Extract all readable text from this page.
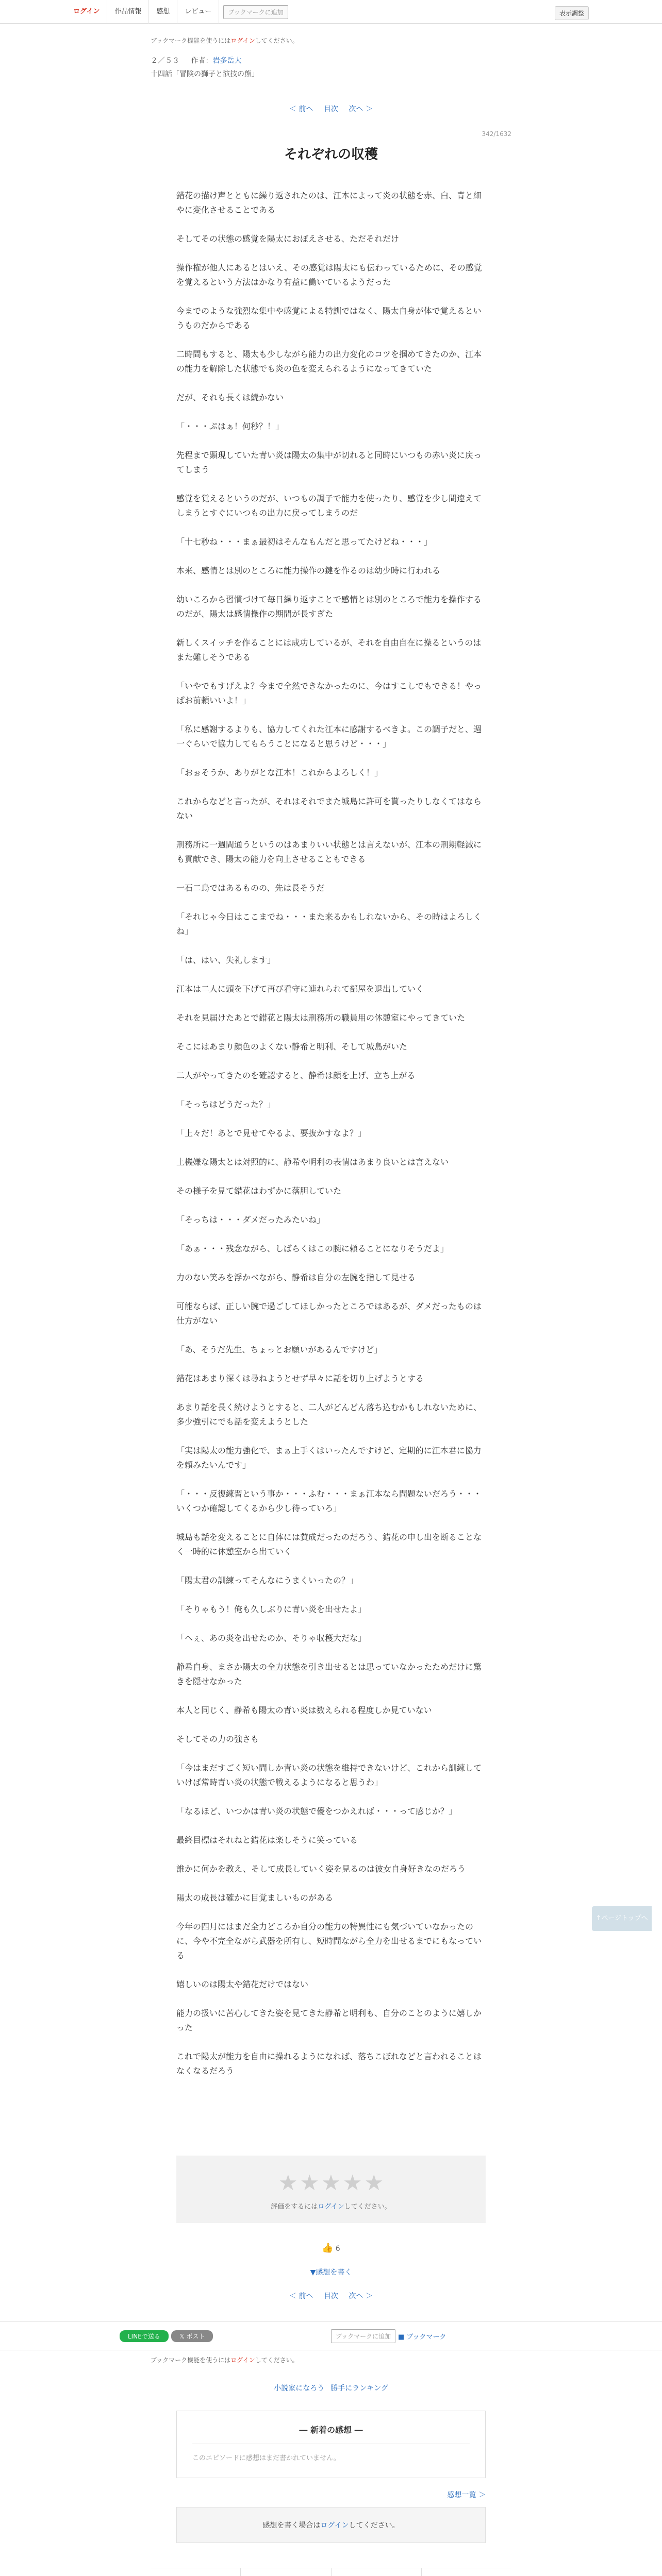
ログイン	作品情報	感想	レビュー	ブックマークに追加	表示調整
ブックマーク機能を使うにはログインしてください。
２／５３ 作者：岩多岳大
十四話「冒険の獅子と演技の熊」
＜ 前へ 目次 次へ ＞
342/1632
それぞれの収穫

錯花の描け声とともに繰り返されたのは、江本によって炎の状態を赤、白、青と細やに変化させることである

そしてその状態の感覚を陽太におぼえさせる、ただそれだけ

操作権が他人にあるとはいえ、その感覚は陽太にも伝わっているために、その感覚を覚えるという方法はかなり有益に働いているようだった

今までのような強烈な集中や感覚による特訓ではなく、陽太自身が体で覚えるというものだからである

二時間もすると、陽太も少しながら能力の出力変化のコツを掴めてきたのか、江本の能力を解除した状態でも炎の色を変えられるようになってきていた

だが、それも長くは続かない

「・・・ぷはぁ！何秒？！」

先程まで顕現していた青い炎は陽太の集中が切れると同時にいつもの赤い炎に戻ってしまう

感覚を覚えるというのだが、いつもの調子で能力を使ったり、感覚を少し間違えてしまうとすぐにいつもの出力に戻ってしまうのだ

「十七秒ね・・・まぁ最初はそんなもんだと思ってたけどね・・・」

本来、感情とは別のところに能力操作の鍵を作るのは幼少時に行われる

幼いころから習慣づけて毎日繰り返すことで感情とは別のところで能力を操作するのだが、陽太は感情操作の期間が長すぎた

新しくスイッチを作ることには成功しているが、それを自由自在に操るというのはまた難しそうである

「いやでもすげえよ？今まで全然できなかったのに、今はすこしでもできる！やっぱお前頼いいよ！」

「私に感謝するよりも、協力してくれた江本に感謝するべきよ。この調子だと、週一ぐらいで協力してもらうことになると思うけど・・・」

「おぉそうか、ありがとな江本！これからよろしく！」

これからなどと言ったが、それはそれでまた城島に許可を貰ったりしなくてはならない

刑務所に一週間通うというのはあまりいい状態とは言えないが、江本の刑期軽減にも貢献でき、陽太の能力を向上させることもできる

一石二鳥ではあるものの、先は長そうだ

「それじゃ今日はここまでね・・・また来るかもしれないから、その時はよろしくね」

「は、はい、失礼します」

江本は二人に頭を下げて再び看守に連れられて部屋を退出していく

それを見届けたあとで錯花と陽太は刑務所の職員用の休憩室にやってきていた

そこにはあまり顔色のよくない静希と明利、そして城島がいた

二人がやってきたのを確認すると、静希は顔を上げ、立ち上がる

「そっちはどうだった？」

「上々だ！あとで見せてやるよ、要抜かすなよ？」

上機嫌な陽太とは対照的に、静希や明利の表情はあまり良いとは言えない

その様子を見て錯花はわずかに落胆していた

「そっちは・・・ダメだったみたいね」

「あぁ・・・残念ながら、しばらくはこの腕に頼ることになりそうだよ」

力のない笑みを浮かべながら、静希は自分の左腕を指して見せる

可能ならば、正しい腕で過ごしてほしかったところではあるが、ダメだったものは仕方がない

「あ、そうだ先生、ちょっとお願いがあるんですけど」

錯花はあまり深くは尋ねようとせず早々に話を切り上げようとする

あまり話を長く続けようとすると、二人がどんどん落ち込むかもしれないために、多少強引にでも話を変えようとした

「実は陽太の能力強化で、まぁ上手くはいったんですけど、定期的に江本君に協力を頼みたいんです」

「・・・反復練習という事か・・・ふむ・・・まぁ江本なら問題ないだろう・・・いくつか確認してくるから少し待っていろ」

城島も話を変えることに自体には賛成だったのだろう、錯花の申し出を断ることなく一時的に休憩室から出ていく

「陽太君の訓練ってそんなにうまくいったの？」

「そりゃもう！俺も久しぶりに青い炎を出せたよ」

「へぇ、あの炎を出せたのか、そりゃ収穫大だな」

静希自身、まさか陽太の全力状態を引き出せるとは思っていなかったためだけに驚きを隠せなかった

本人と同じく、静希も陽太の青い炎は数えられる程度しか見ていない

そしてその力の強さも

「今はまだすごく短い間しか青い炎の状態を維持できないけど、これから訓練していけば常時青い炎の状態で戦えるようになると思うわ」

「なるほど、いつかは青い炎の状態で優をつかえれば・・・って感じか？」

最終目標はそれねと錯花は楽しそうに笑っている

誰かに何かを教え、そして成長していく姿を見るのは彼女自身好きなのだろう

陽太の成長は確かに目覚ましいものがある

今年の四月にはまだ全力どころか自分の能力の特異性にも気づいていなかったのに、今や不完全ながら武器を所有し、短時間ながら全力を出せるまでにもなっている

嬉しいのは陽太や錯花だけではない

能力の扱いに苦心してきた姿を見てきた静希と明利も、自分のことのように嬉しかった

これで陽太が能力を自由に操れるようになれば、落ちこぼれなどと言われることはなくなるだろう

★★★★★
評価をするにはログインしてください。
👍 6
▼感想を書く
＜ 前へ 目次 次へ ＞
LINEで送る	𝕏 ポスト	ブックマークに追加	■ ブックマーク
ブックマーク機能を使うにはログインしてください。
小説家になろう 勝手にランキング
― 新着の感想 ―
このエピソードに感想はまだ書かれていません。
感想一覧 ＞
感想を書く場合はログインしてください。
↑ページトップへ
